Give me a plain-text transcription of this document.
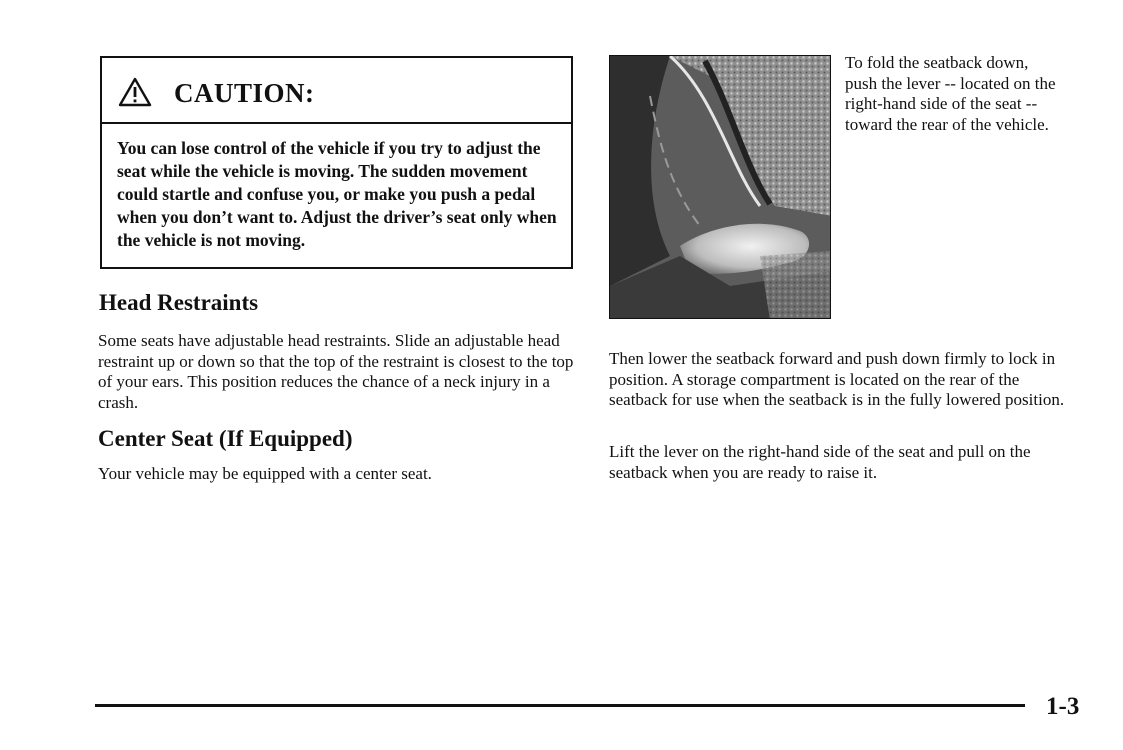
CAUTION:
You can lose control of the vehicle if you try to adjust the seat while the vehicle is moving. The sudden movement could startle and confuse you, or make you push a pedal when you don’t want to. Adjust the driver’s seat only when the vehicle is not moving.
Head Restraints

Some seats have adjustable head restraints. Slide an adjustable head restraint up or down so that the top of the restraint is closest to the top of your ears. This position reduces the chance of a neck injury in a crash.

Center Seat (If Equipped)

Your vehicle may be equipped with a center seat.

To fold the seatback down, push the lever -- located on the right-hand side of the seat -- toward the rear of the vehicle.

Then lower the seatback forward and push down firmly to lock in position. A storage compartment is located on the rear of the seatback for use when the seatback is in the fully lowered position.

Lift the lever on the right-hand side of the seat and pull on the seatback when you are ready to raise it.

1-3
